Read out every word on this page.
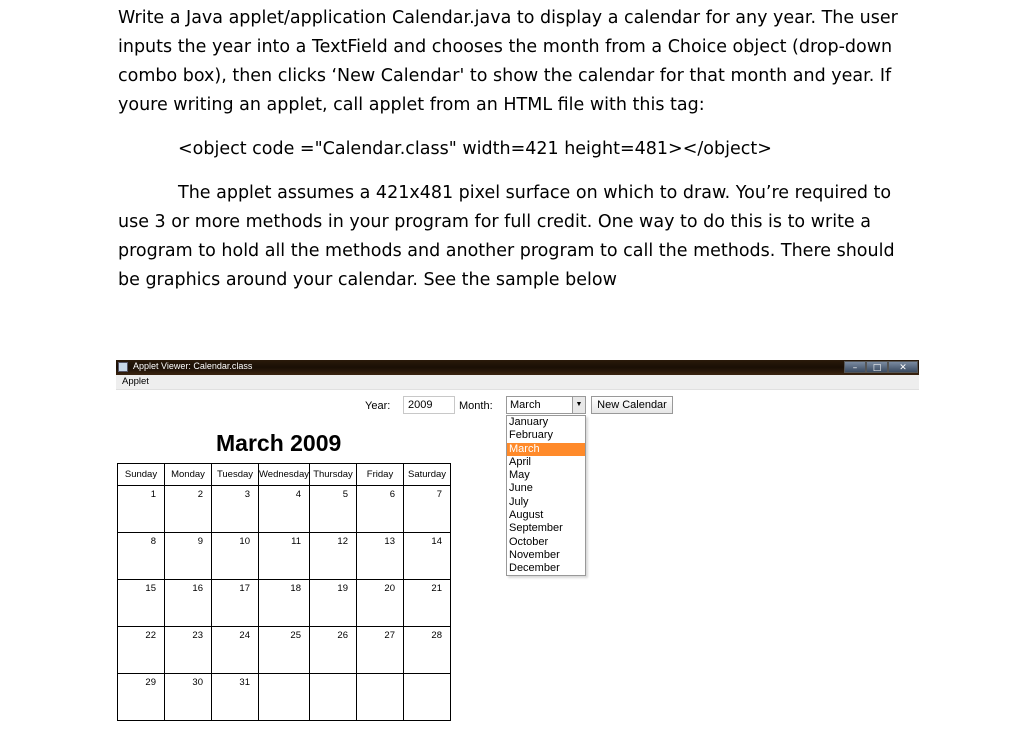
Write a Java applet/application Calendar.java to display a calendar for any year. The user inputs the year into a TextField and chooses the month from a Choice object (drop-down combo box), then clicks ‘New Calendar' to show the calendar for that month and year. If youre writing an applet, call applet from an HTML file with this tag:

<object code ="Calendar.class" width=421 height=481></object>

The applet assumes a 421x481 pixel surface on which to draw. You’re required to use 3 or more methods in your program for full credit. One way to do this is to write a program to hold all the methods and another program to call the methods. There should be graphics around your calendar. See the sample below

Applet Viewer: Calendar.class	–	□	✕
Applet
Year:	2009	Month:	March	▼	New Calendar
January
February
March
April
May
June
July
August
September
October
November
December
March 2009
Sunday	Monday	Tuesday	Wednesday	Thursday	Friday	Saturday

1	2	3	4	5	6	7

8	9	10	11	12	13	14

15	16	17	18	19	20	21

22	23	24	25	26	27	28

29	30	31				
